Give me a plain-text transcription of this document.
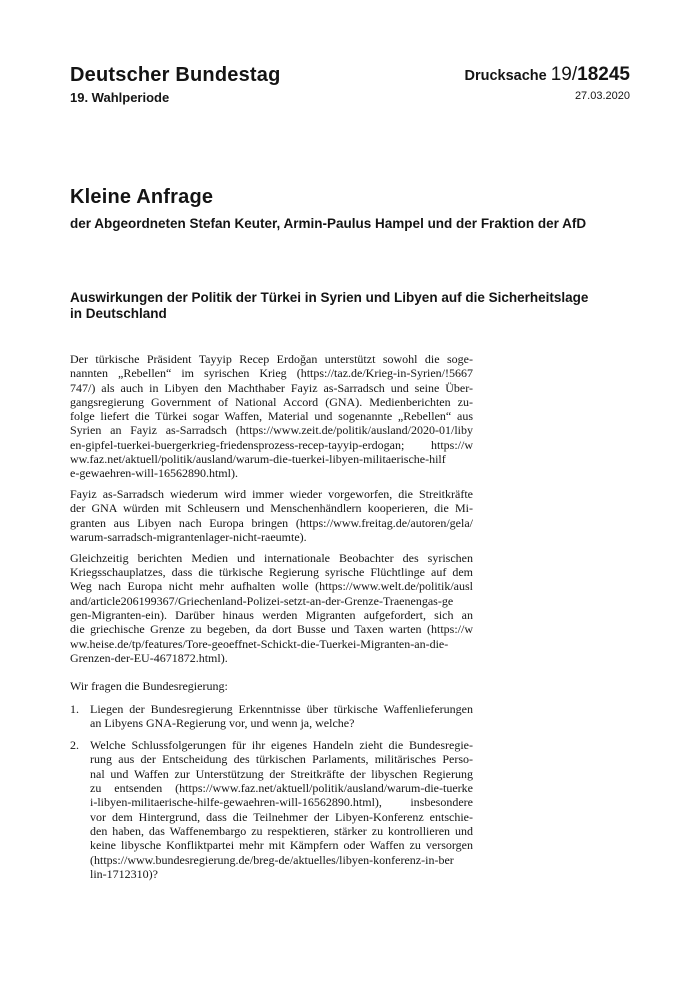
Deutscher Bundestag
19. Wahlperiode
Drucksache 19/18245
27.03.2020
Kleine Anfrage
der Abgeordneten Stefan Keuter, Armin-Paulus Hampel und der Fraktion der AfD
Auswirkungen der Politik der Türkei in Syrien und Libyen auf die Sicherheitslage
in Deutschland
Der türkische Präsident Tayyip Recep Erdoğan unterstützt sowohl die soge-
nannten „Rebellen“ im syrischen Krieg (https://taz.de/Krieg-in-Syrien/!5667
747/) als auch in Libyen den Machthaber Fayiz as-Sarradsch und seine Über-
gangsregierung Government of National Accord (GNA). Medienberichten zu-
folge liefert die Türkei sogar Waffen, Material und sogenannte „Rebellen“ aus
Syrien an Fayiz as-Sarradsch (https://www.zeit.de/politik/ausland/2020-01/liby
en-gipfel-tuerkei-buergerkrieg-friedensprozess-recep-tayyip-erdogan; https://w
ww.faz.net/aktuell/politik/ausland/warum-die-tuerkei-libyen-militaerische-hilf
e-gewaehren-will-16562890.html).
Fayiz as-Sarradsch wiederum wird immer wieder vorgeworfen, die Streitkräfte
der GNA würden mit Schleusern und Menschenhändlern kooperieren, die Mi-
granten aus Libyen nach Europa bringen (https://www.freitag.de/autoren/gela/
warum-sarradsch-migrantenlager-nicht-raeumte).
Gleichzeitig berichten Medien und internationale Beobachter des syrischen
Kriegsschauplatzes, dass die türkische Regierung syrische Flüchtlinge auf dem
Weg nach Europa nicht mehr aufhalten wolle (https://www.welt.de/politik/ausl
and/article206199367/Griechenland-Polizei-setzt-an-der-Grenze-Traenengas-ge
gen-Migranten-ein). Darüber hinaus werden Migranten aufgefordert, sich an
die griechische Grenze zu begeben, da dort Busse und Taxen warten (https://w
ww.heise.de/tp/features/Tore-geoeffnet-Schickt-die-Tuerkei-Migranten-an-die-
Grenzen-der-EU-4671872.html).
Wir fragen die Bundesregierung:
1. Liegen der Bundesregierung Erkenntnisse über türkische Waffenlieferungen
an Libyens GNA-Regierung vor, und wenn ja, welche?
2. Welche Schlussfolgerungen für ihr eigenes Handeln zieht die Bundesregie-
rung aus der Entscheidung des türkischen Parlaments, militärisches Perso-
nal und Waffen zur Unterstützung der Streitkräfte der libyschen Regierung
zu entsenden (https://www.faz.net/aktuell/politik/ausland/warum-die-tuerke
i-libyen-militaerische-hilfe-gewaehren-will-16562890.html), insbesondere
vor dem Hintergrund, dass die Teilnehmer der Libyen-Konferenz entschie-
den haben, das Waffenembargo zu respektieren, stärker zu kontrollieren und
keine libysche Konfliktpartei mehr mit Kämpfern oder Waffen zu versorgen
(https://www.bundesregierung.de/breg-de/aktuelles/libyen-konferenz-in-ber
lin-1712310)?
